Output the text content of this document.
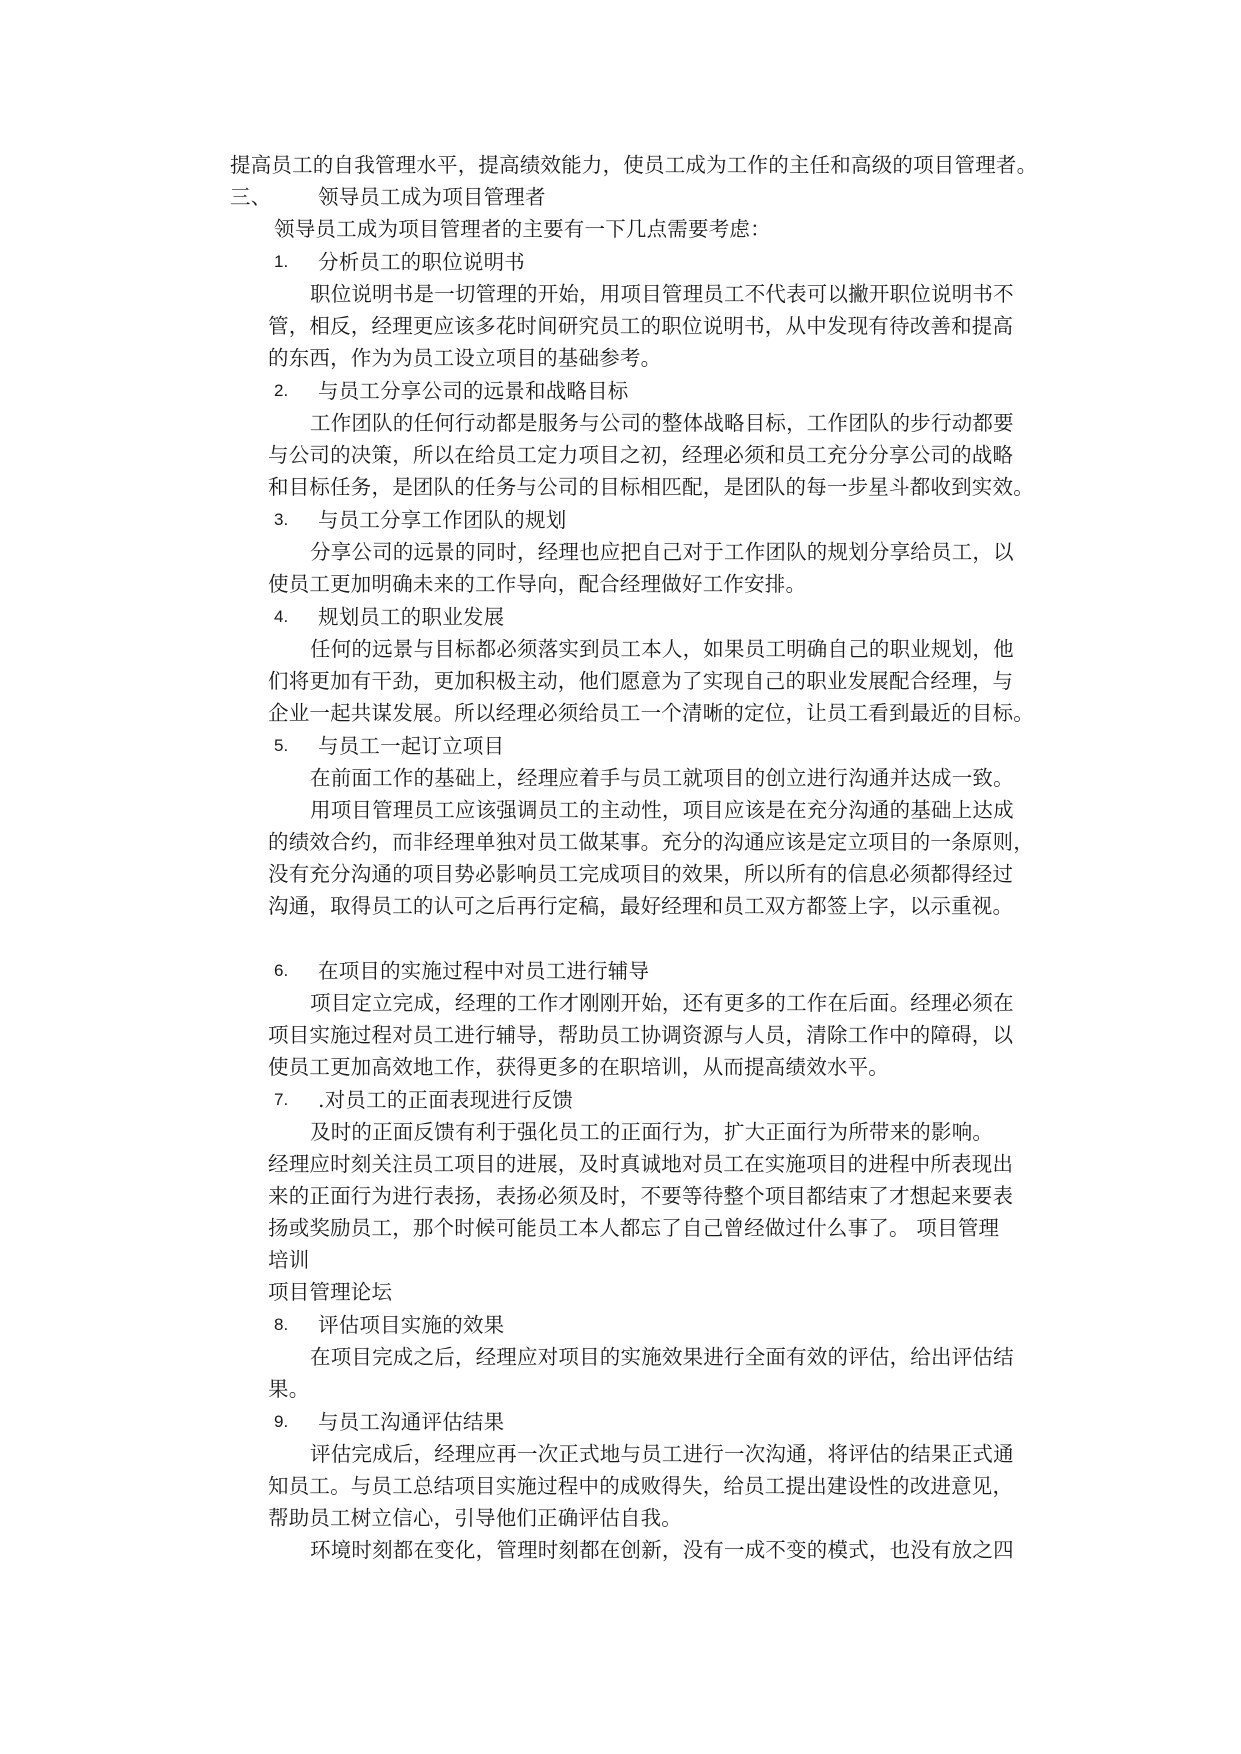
提高员工的自我管理水平，提高绩效能力，使员工成为工作的主任和高级的项目管理者。
三、 领导员工成为项目管理者
领导员工成为项目管理者的主要有一下几点需要考虑：
1. 分析员工的职位说明书
职位说明书是一切管理的开始，用项目管理员工不代表可以撇开职位说明书不
管，相反，经理更应该多花时间研究员工的职位说明书，从中发现有待改善和提高
的东西，作为为员工设立项目的基础参考。
2. 与员工分享公司的远景和战略目标
工作团队的任何行动都是服务与公司的整体战略目标，工作团队的步行动都要
与公司的决策，所以在给员工定力项目之初，经理必须和员工充分分享公司的战略
和目标任务，是团队的任务与公司的目标相匹配，是团队的每一步星斗都收到实效。
3. 与员工分享工作团队的规划
分享公司的远景的同时，经理也应把自己对于工作团队的规划分享给员工，以
使员工更加明确未来的工作导向，配合经理做好工作安排。
4. 规划员工的职业发展
任何的远景与目标都必须落实到员工本人，如果员工明确自己的职业规划，他
们将更加有干劲，更加积极主动，他们愿意为了实现自己的职业发展配合经理，与
企业一起共谋发展。所以经理必须给员工一个清晰的定位，让员工看到最近的目标。
5. 与员工一起订立项目
在前面工作的基础上，经理应着手与员工就项目的创立进行沟通并达成一致。
用项目管理员工应该强调员工的主动性，项目应该是在充分沟通的基础上达成
的绩效合约，而非经理单独对员工做某事。充分的沟通应该是定立项目的一条原则，
没有充分沟通的项目势必影响员工完成项目的效果，所以所有的信息必须都得经过
沟通，取得员工的认可之后再行定稿，最好经理和员工双方都签上字，以示重视。
6. 在项目的实施过程中对员工进行辅导
项目定立完成，经理的工作才刚刚开始，还有更多的工作在后面。经理必须在
项目实施过程对员工进行辅导，帮助员工协调资源与人员，清除工作中的障碍，以
使员工更加高效地工作，获得更多的在职培训，从而提高绩效水平。
7. .对员工的正面表现进行反馈
及时的正面反馈有利于强化员工的正面行为，扩大正面行为所带来的影响。
经理应时刻关注员工项目的进展，及时真诚地对员工在实施项目的进程中所表现出
来的正面行为进行表扬，表扬必须及时，不要等待整个项目都结束了才想起来要表
扬或奖励员工，那个时候可能员工本人都忘了自己曾经做过什么事了。 项目管理
培训
项目管理论坛
8. 评估项目实施的效果
在项目完成之后，经理应对项目的实施效果进行全面有效的评估，给出评估结
果。
9. 与员工沟通评估结果
评估完成后，经理应再一次正式地与员工进行一次沟通，将评估的结果正式通
知员工。与员工总结项目实施过程中的成败得失，给员工提出建设性的改进意见，
帮助员工树立信心，引导他们正确评估自我。
环境时刻都在变化，管理时刻都在创新，没有一成不变的模式，也没有放之四
